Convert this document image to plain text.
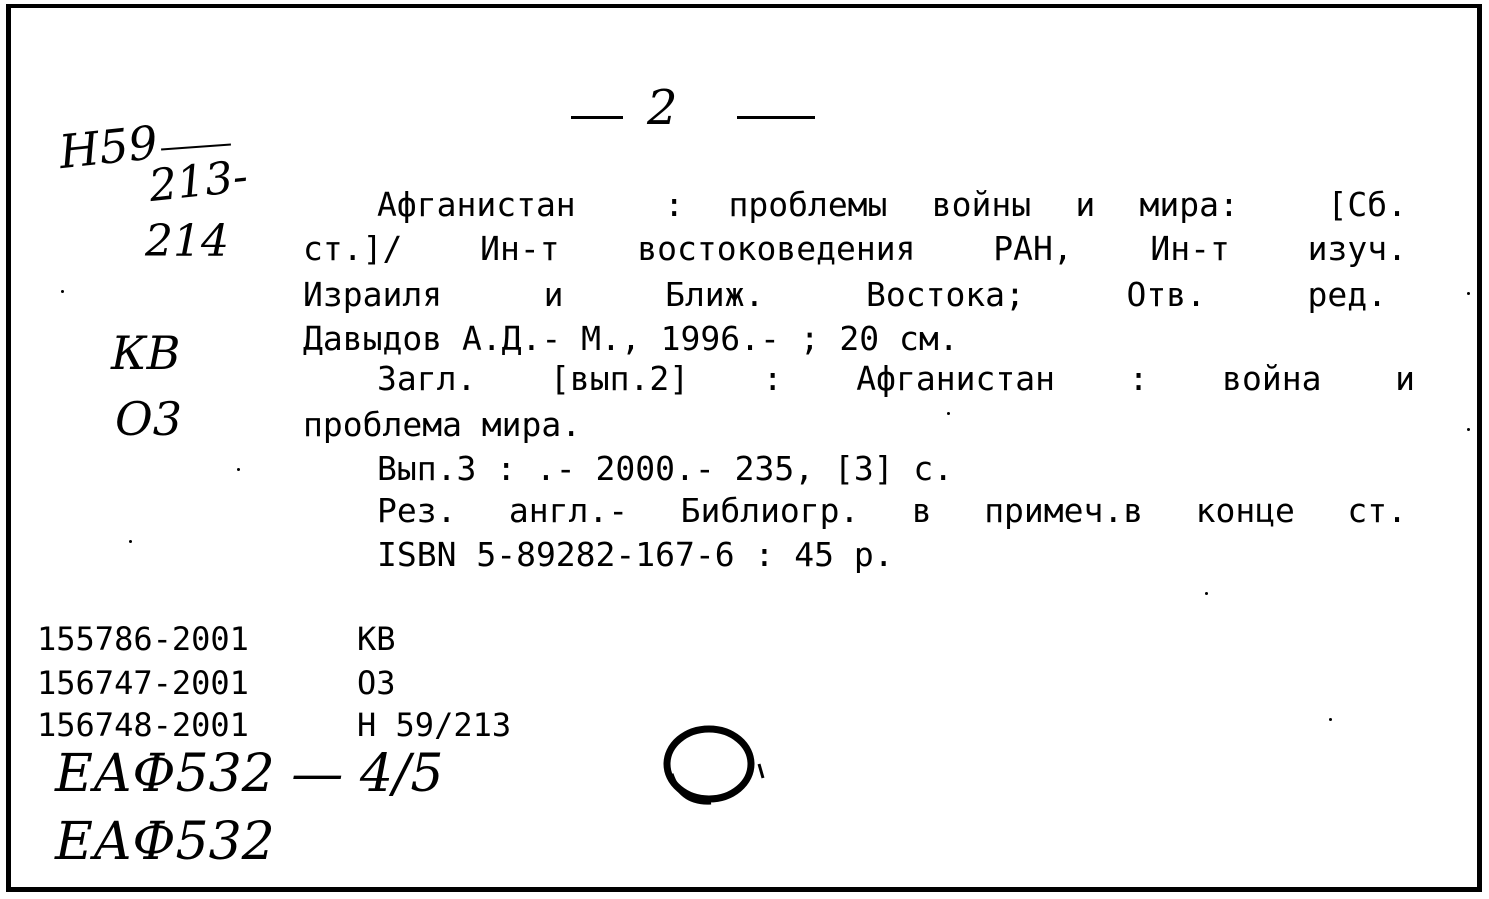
2
Н59
213-
214
КВ
О3
Афганистан  : проблемы войны и мира:  [Сб.
ст.]/ Ин-т востоковедения РАН, Ин-т изуч.
Израиля и Ближ. Востока; Отв. ред.
Давыдов А.Д.- М., 1996.- ; 20 см.
Загл. [вып.2] : Афганистан : война и
проблема мира.
Вып.3 : .- 2000.- 235, [3] с.
Рез. англ.- Библиогр. в примеч.в конце ст.
ISBN 5-89282-167-6 : 45 р.
155786-2001	КВ
156747-2001	О3
156748-2001	Н 59/213
ЕАФ532 — 4/5
ЕАФ532
